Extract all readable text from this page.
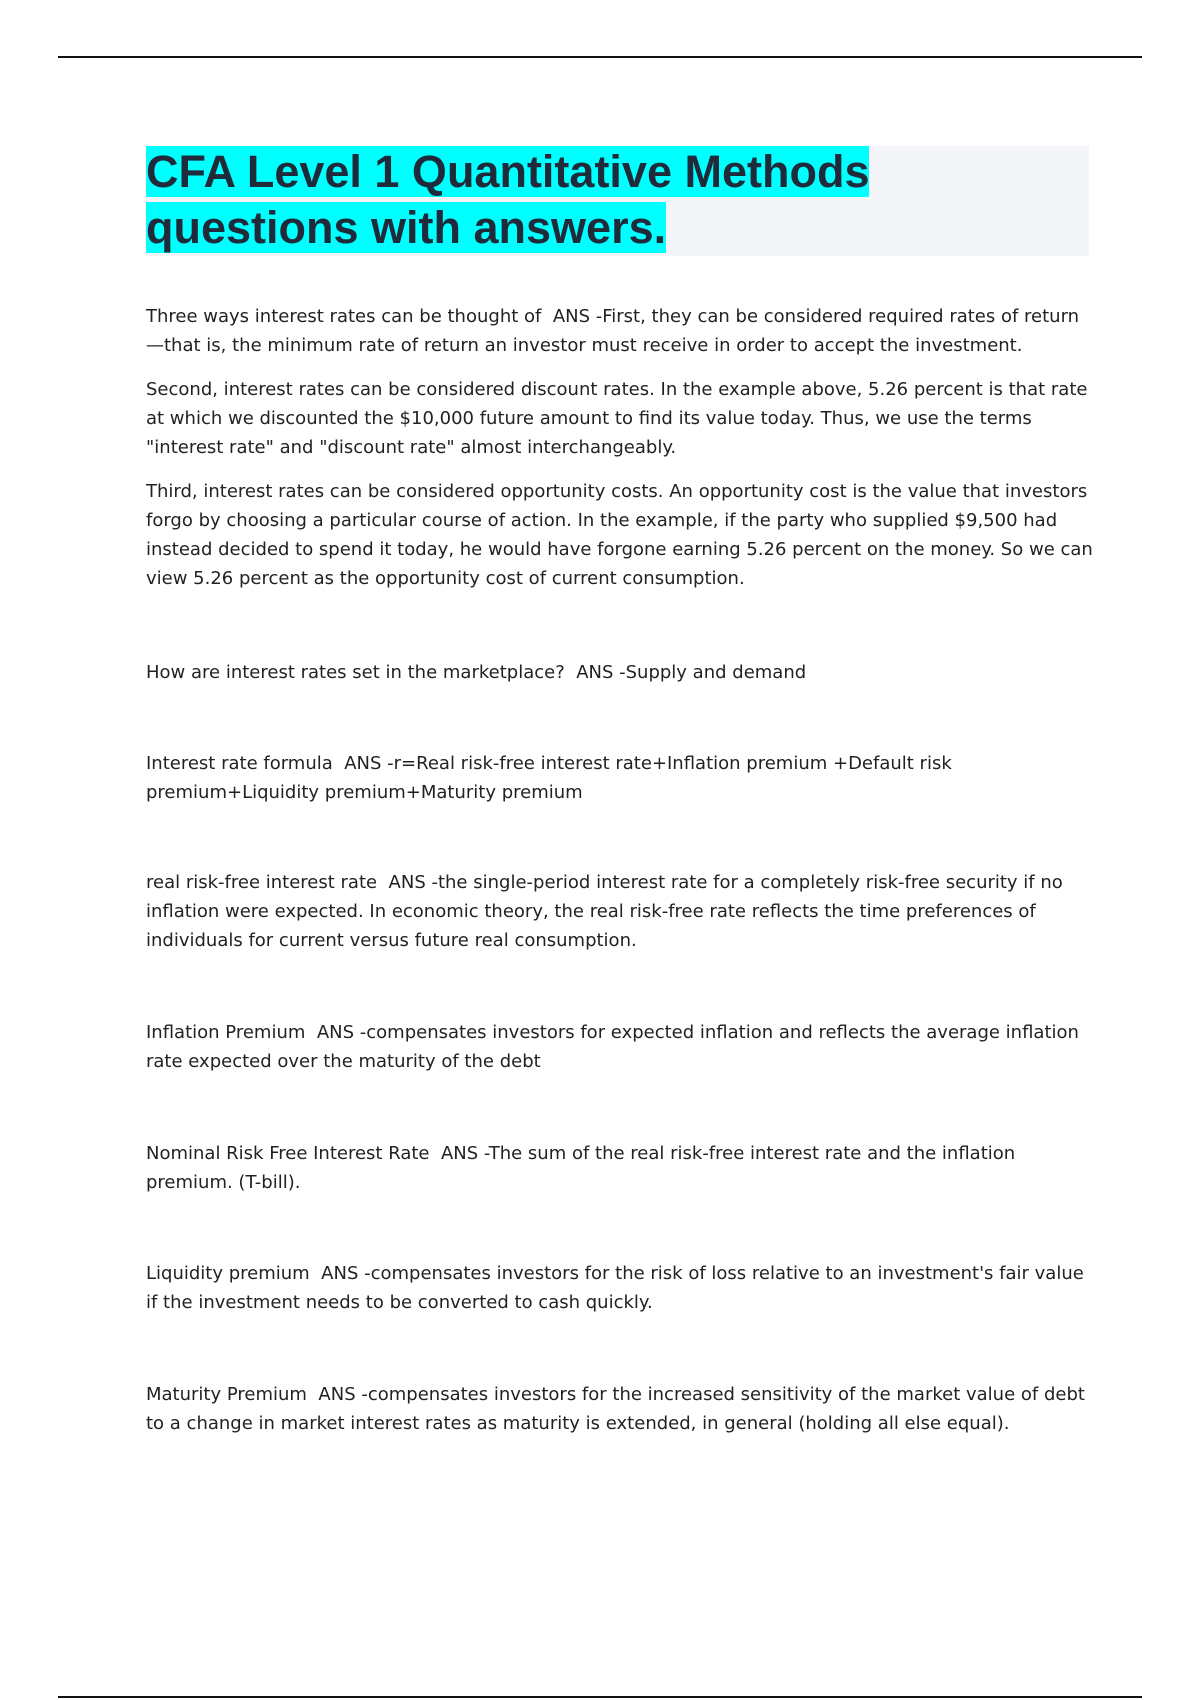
CFA Level 1 Quantitative Methods questions with answers.

Three ways interest rates can be thought of ANS -First, they can be considered required rates of return —that is, the minimum rate of return an investor must receive in order to accept the investment.

Second, interest rates can be considered discount rates. In the example above, 5.26 percent is that rate at which we discounted the $10,000 future amount to find its value today. Thus, we use the terms "interest rate" and "discount rate" almost interchangeably.

Third, interest rates can be considered opportunity costs. An opportunity cost is the value that investors forgo by choosing a particular course of action. In the example, if the party who supplied $9,500 had instead decided to spend it today, he would have forgone earning 5.26 percent on the money. So we can view 5.26 percent as the opportunity cost of current consumption.

How are interest rates set in the marketplace? ANS -Supply and demand

Interest rate formula ANS -r=Real risk-free interest rate+Inflation premium +Default risk premium+Liquidity premium+Maturity premium

real risk-free interest rate ANS -the single-period interest rate for a completely risk-free security if no inflation were expected. In economic theory, the real risk-free rate reflects the time preferences of individuals for current versus future real consumption.

Inflation Premium ANS -compensates investors for expected inflation and reflects the average inflation rate expected over the maturity of the debt

Nominal Risk Free Interest Rate ANS -The sum of the real risk-free interest rate and the inflation premium. (T-bill).

Liquidity premium ANS -compensates investors for the risk of loss relative to an investment's fair value if the investment needs to be converted to cash quickly.

Maturity Premium ANS -compensates investors for the increased sensitivity of the market value of debt to a change in market interest rates as maturity is extended, in general (holding all else equal).
